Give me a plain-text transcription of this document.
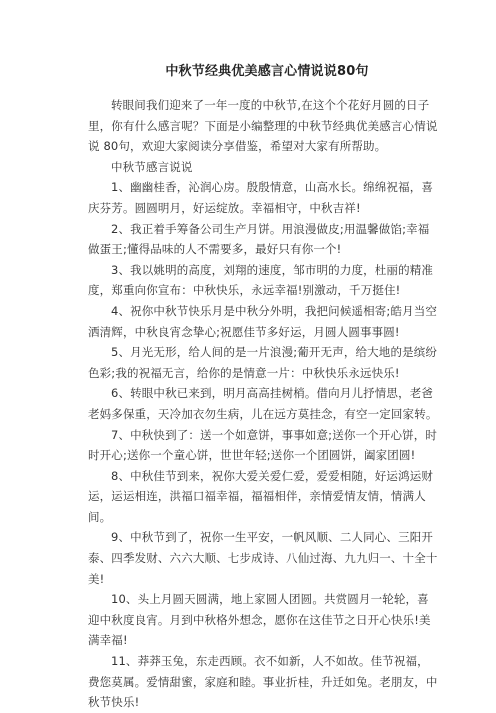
中秋节经典优美感言心情说说80句

转眼间我们迎来了一年一度的中秋节,在这个个花好月圆的日子里，你有什么感言呢？下面是小编整理的中秋节经典优美感言心情说说 80句，欢迎大家阅读分享借鉴，希望对大家有所帮助。

中秋节感言说说

1、幽幽桂香，沁润心房。殷殷情意，山高水长。绵绵祝福，喜庆芬芳。圆圆明月，好运绽放。幸福相守，中秋吉祥!

2、我正着手筹备公司生产月饼。用浪漫做皮;用温馨做馅;幸福做蛋王;懂得品味的人不需要多，最好只有你一个!

3、我以姚明的高度，刘翔的速度，邹市明的力度，杜丽的精准度，郑重向你宣布：中秋快乐，永远幸福!别激动，千万挺住!

4、祝你中秋节快乐月是中秋分外明，我把问候遥相寄;皓月当空洒清辉，中秋良宵念挚心;祝愿佳节多好运，月圆人圆事事圆!

5、月光无形，给人间的是一片浪漫;葡开无声，给大地的是缤纷色彩;我的祝福无言，给你的是情意一片：中秋快乐永远快乐!

6、转眼中秋已来到，明月高高挂树梢。借向月儿抒情思，老爸老妈多保重，天冷加衣勿生病，儿在远方莫挂念，有空一定回家转。

7、中秋快到了：送一个如意饼，事事如意;送你一个开心饼，时时开心;送你一个童心饼，世世年轻;送你一个团圆饼，阖家团圆!

8、中秋佳节到来，祝你大爱关爱仁爱，爱爱相随，好运鸿运财运，运运相连，洪福口福幸福，福福相伴，亲情爱情友情，情满人间。

9、中秋节到了，祝你一生平安，一帆风顺、二人同心、三阳开泰、四季发财、六六大顺、七步成诗、八仙过海、九九归一、十全十美!

10、头上月圆天圆满，地上家圆人团圆。共赏圆月一轮轮，喜迎中秋度良宵。月到中秋格外想念，愿你在这佳节之日开心快乐!美满幸福!

11、莽莽玉兔，东走西顾。衣不如新，人不如故。佳节祝福，费您莫属。爱情甜蜜，家庭和睦。事业折桂，升迁如兔。老朋友，中秋节快乐!
